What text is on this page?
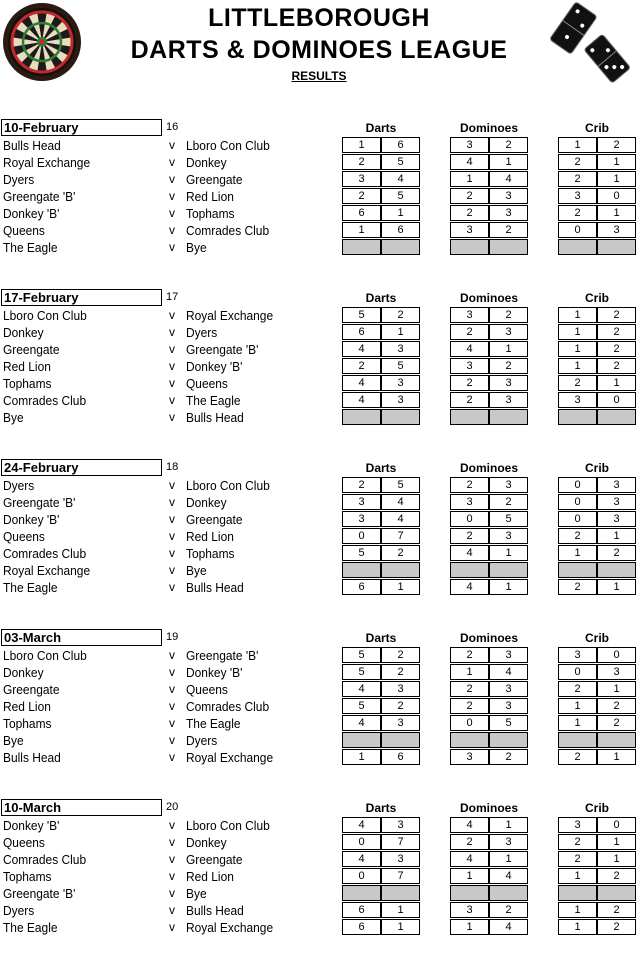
LITTLEBOROUGH
DARTS & DOMINOES LEAGUE
RESULTS
10-February	16	Darts	Dominoes	Crib
Bulls Head	v Lboro Con Club	1	6	3	2	1	2
Royal Exchange	v Donkey	2	5	4	1	2	1
Dyers	v Greengate	3	4	1	4	2	1
Greengate 'B'	v Red Lion	2	5	2	3	3	0
Donkey 'B'	v Tophams	6	1	2	3	2	1
Queens	v Comrades Club	1	6	3	2	0	3
The Eagle	v Bye
17-February	17	Darts	Dominoes	Crib
Lboro Con Club	v Royal Exchange	5	2	3	2	1	2
Donkey	v Dyers	6	1	2	3	1	2
Greengate	v Greengate 'B'	4	3	4	1	1	2
Red Lion	v Donkey 'B'	2	5	3	2	1	2
Tophams	v Queens	4	3	2	3	2	1
Comrades Club	v The Eagle	4	3	2	3	3	0
Bye	v Bulls Head
24-February	18	Darts	Dominoes	Crib
Dyers	v Lboro Con Club	2	5	2	3	0	3
Greengate 'B'	v Donkey	3	4	3	2	0	3
Donkey 'B'	v Greengate	3	4	0	5	0	3
Queens	v Red Lion	0	7	2	3	2	1
Comrades Club	v Tophams	5	2	4	1	1	2
Royal Exchange	v Bye
The Eagle	v Bulls Head	6	1	4	1	2	1
03-March	19	Darts	Dominoes	Crib
Lboro Con Club	v Greengate 'B'	5	2	2	3	3	0
Donkey	v Donkey 'B'	5	2	1	4	0	3
Greengate	v Queens	4	3	2	3	2	1
Red Lion	v Comrades Club	5	2	2	3	1	2
Tophams	v The Eagle	4	3	0	5	1	2
Bye	v Dyers
Bulls Head	v Royal Exchange	1	6	3	2	2	1
10-March	20	Darts	Dominoes	Crib
Donkey 'B'	v Lboro Con Club	4	3	4	1	3	0
Queens	v Donkey	0	7	2	3	2	1
Comrades Club	v Greengate	4	3	4	1	2	1
Tophams	v Red Lion	0	7	1	4	1	2
Greengate 'B'	v Bye
Dyers	v Bulls Head	6	1	3	2	1	2
The Eagle	v Royal Exchange	6	1	1	4	1	2
